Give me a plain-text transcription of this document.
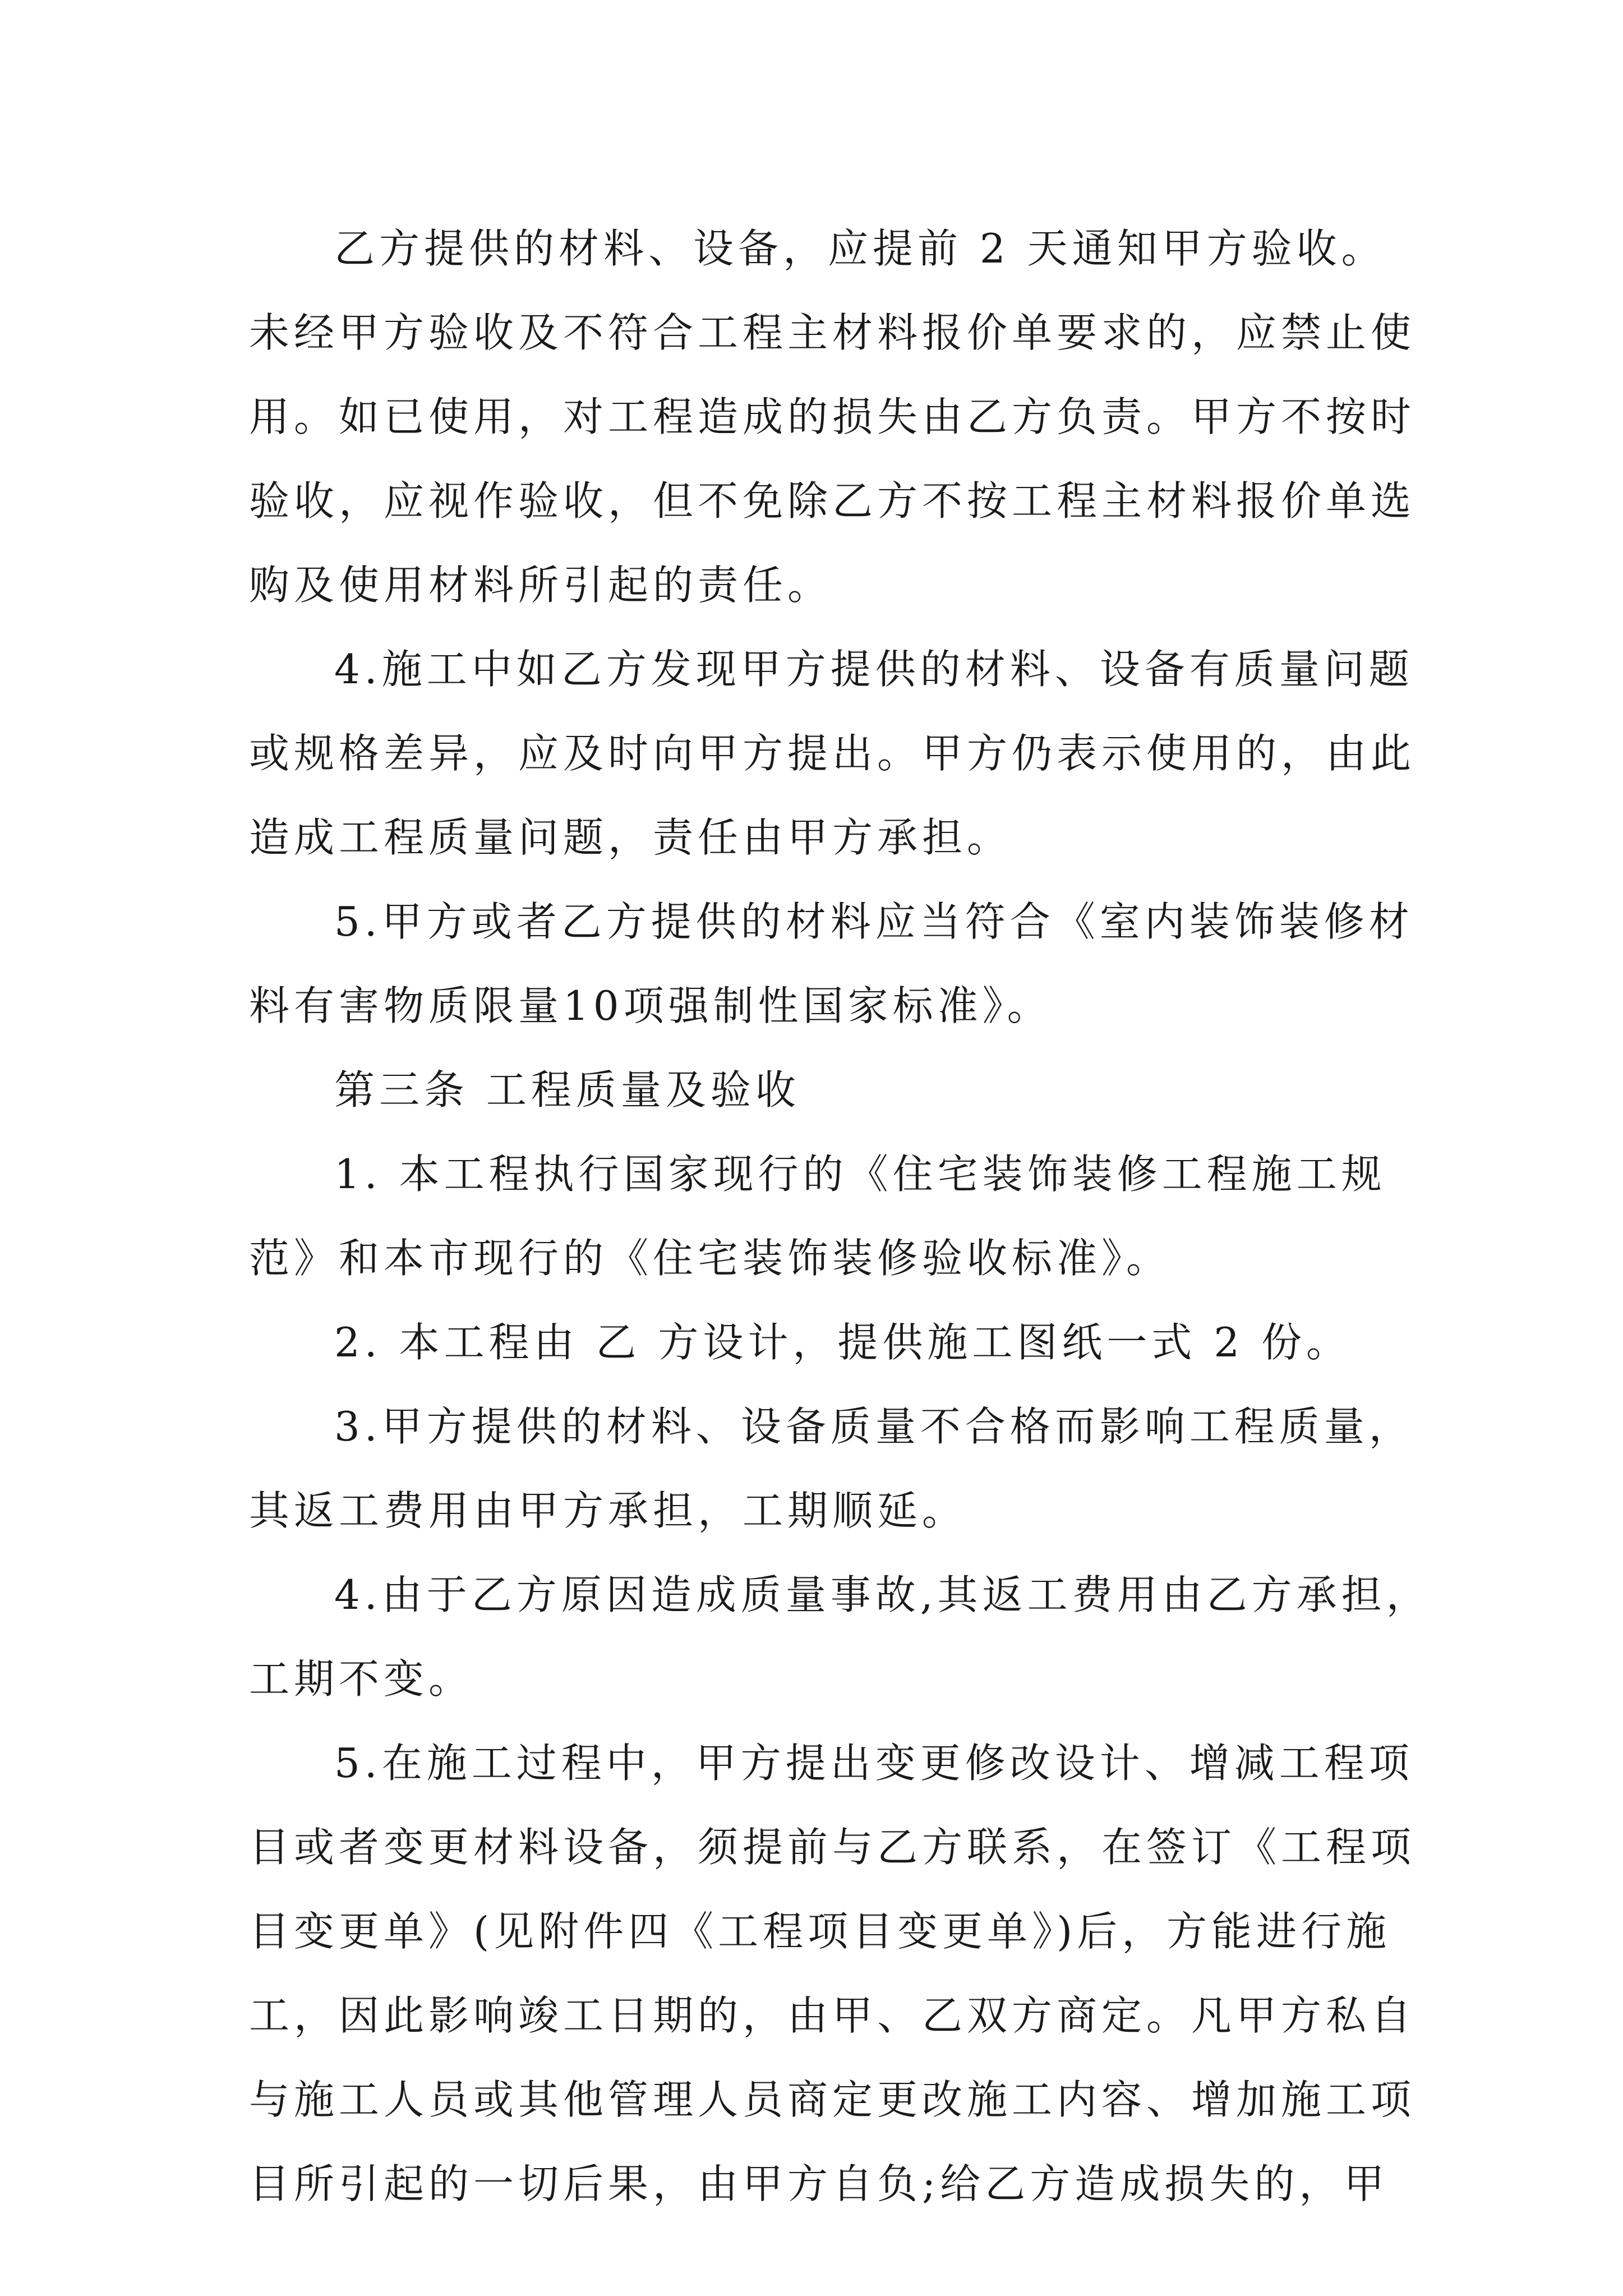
乙方提供的材料、设备，应提前 2 天通知甲方验收。
未经甲方验收及不符合工程主材料报价单要求的，应禁止使
用。如已使用，对工程造成的损失由乙方负责。甲方不按时
验收，应视作验收，但不免除乙方不按工程主材料报价单选
购及使用材料所引起的责任。
4.施工中如乙方发现甲方提供的材料、设备有质量问题
或规格差异，应及时向甲方提出。甲方仍表示使用的，由此
造成工程质量问题，责任由甲方承担。
5.甲方或者乙方提供的材料应当符合《室内装饰装修材
料有害物质限量10项强制性国家标准》。
第三条 工程质量及验收
1. 本工程执行国家现行的《住宅装饰装修工程施工规
范》和本市现行的《住宅装饰装修验收标准》。
2. 本工程由 乙 方设计，提供施工图纸一式 2 份。
3.甲方提供的材料、设备质量不合格而影响工程质量，
其返工费用由甲方承担，工期顺延。
4.由于乙方原因造成质量事故,其返工费用由乙方承担，
工期不变。
5.在施工过程中，甲方提出变更修改设计、增减工程项
目或者变更材料设备，须提前与乙方联系，在签订《工程项
目变更单》(见附件四《工程项目变更单》)后，方能进行施
工，因此影响竣工日期的，由甲、乙双方商定。凡甲方私自
与施工人员或其他管理人员商定更改施工内容、增加施工项
目所引起的一切后果，由甲方自负;给乙方造成损失的，甲
